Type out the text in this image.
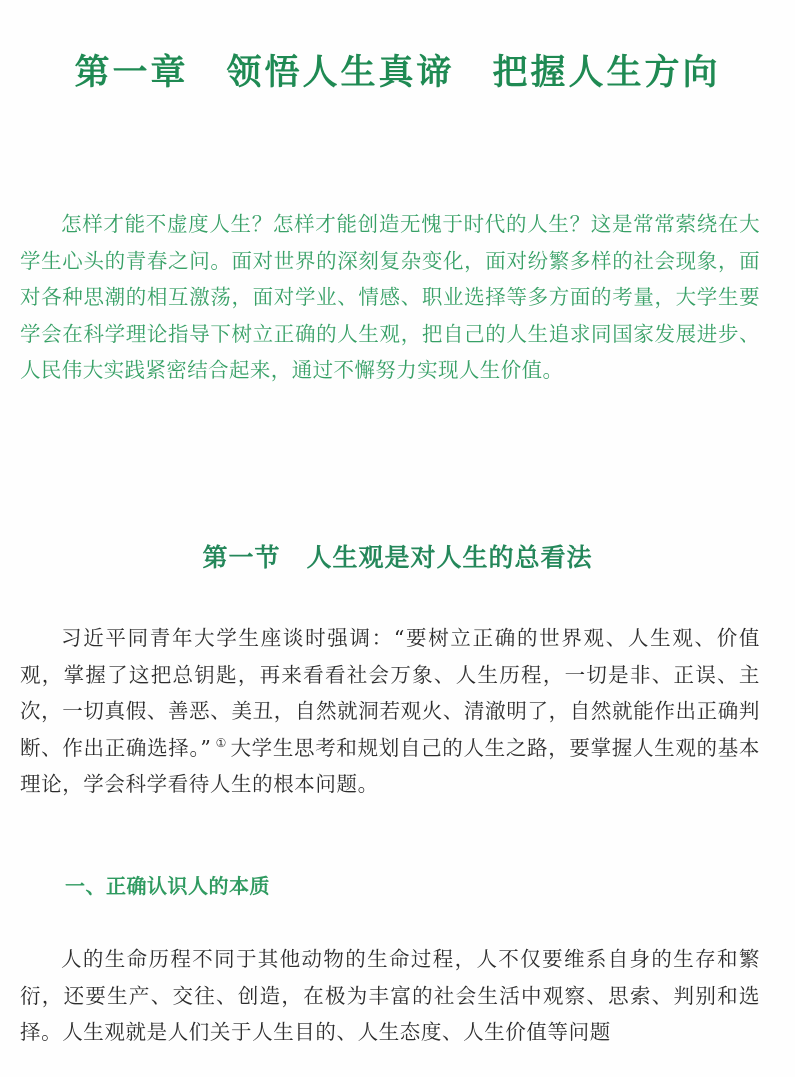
第一章　领悟人生真谛　把握人生方向

怎样才能不虚度人生？怎样才能创造无愧于时代的人生？这是常常萦绕在大学生心头的青春之问。面对世界的深刻复杂变化，面对纷繁多样的社会现象，面对各种思潮的相互激荡，面对学业、情感、职业选择等多方面的考量，大学生要学会在科学理论指导下树立正确的人生观，把自己的人生追求同国家发展进步、人民伟大实践紧密结合起来，通过不懈努力实现人生价值。

第一节　人生观是对人生的总看法

习近平同青年大学生座谈时强调：“要树立正确的世界观、人生观、价值观，掌握了这把总钥匙，再来看看社会万象、人生历程，一切是非、正误、主次，一切真假、善恶、美丑，自然就洞若观火、清澈明了，自然就能作出正确判断、作出正确选择。” ① 大学生思考和规划自己的人生之路，要掌握人生观的基本理论，学会科学看待人生的根本问题。

一、正确认识人的本质

人的生命历程不同于其他动物的生命过程，人不仅要维系自身的生存和繁衍，还要生产、交往、创造，在极为丰富的社会生活中观察、思索、判别和选择。人生观就是人们关于人生目的、人生态度、人生价值等问题
